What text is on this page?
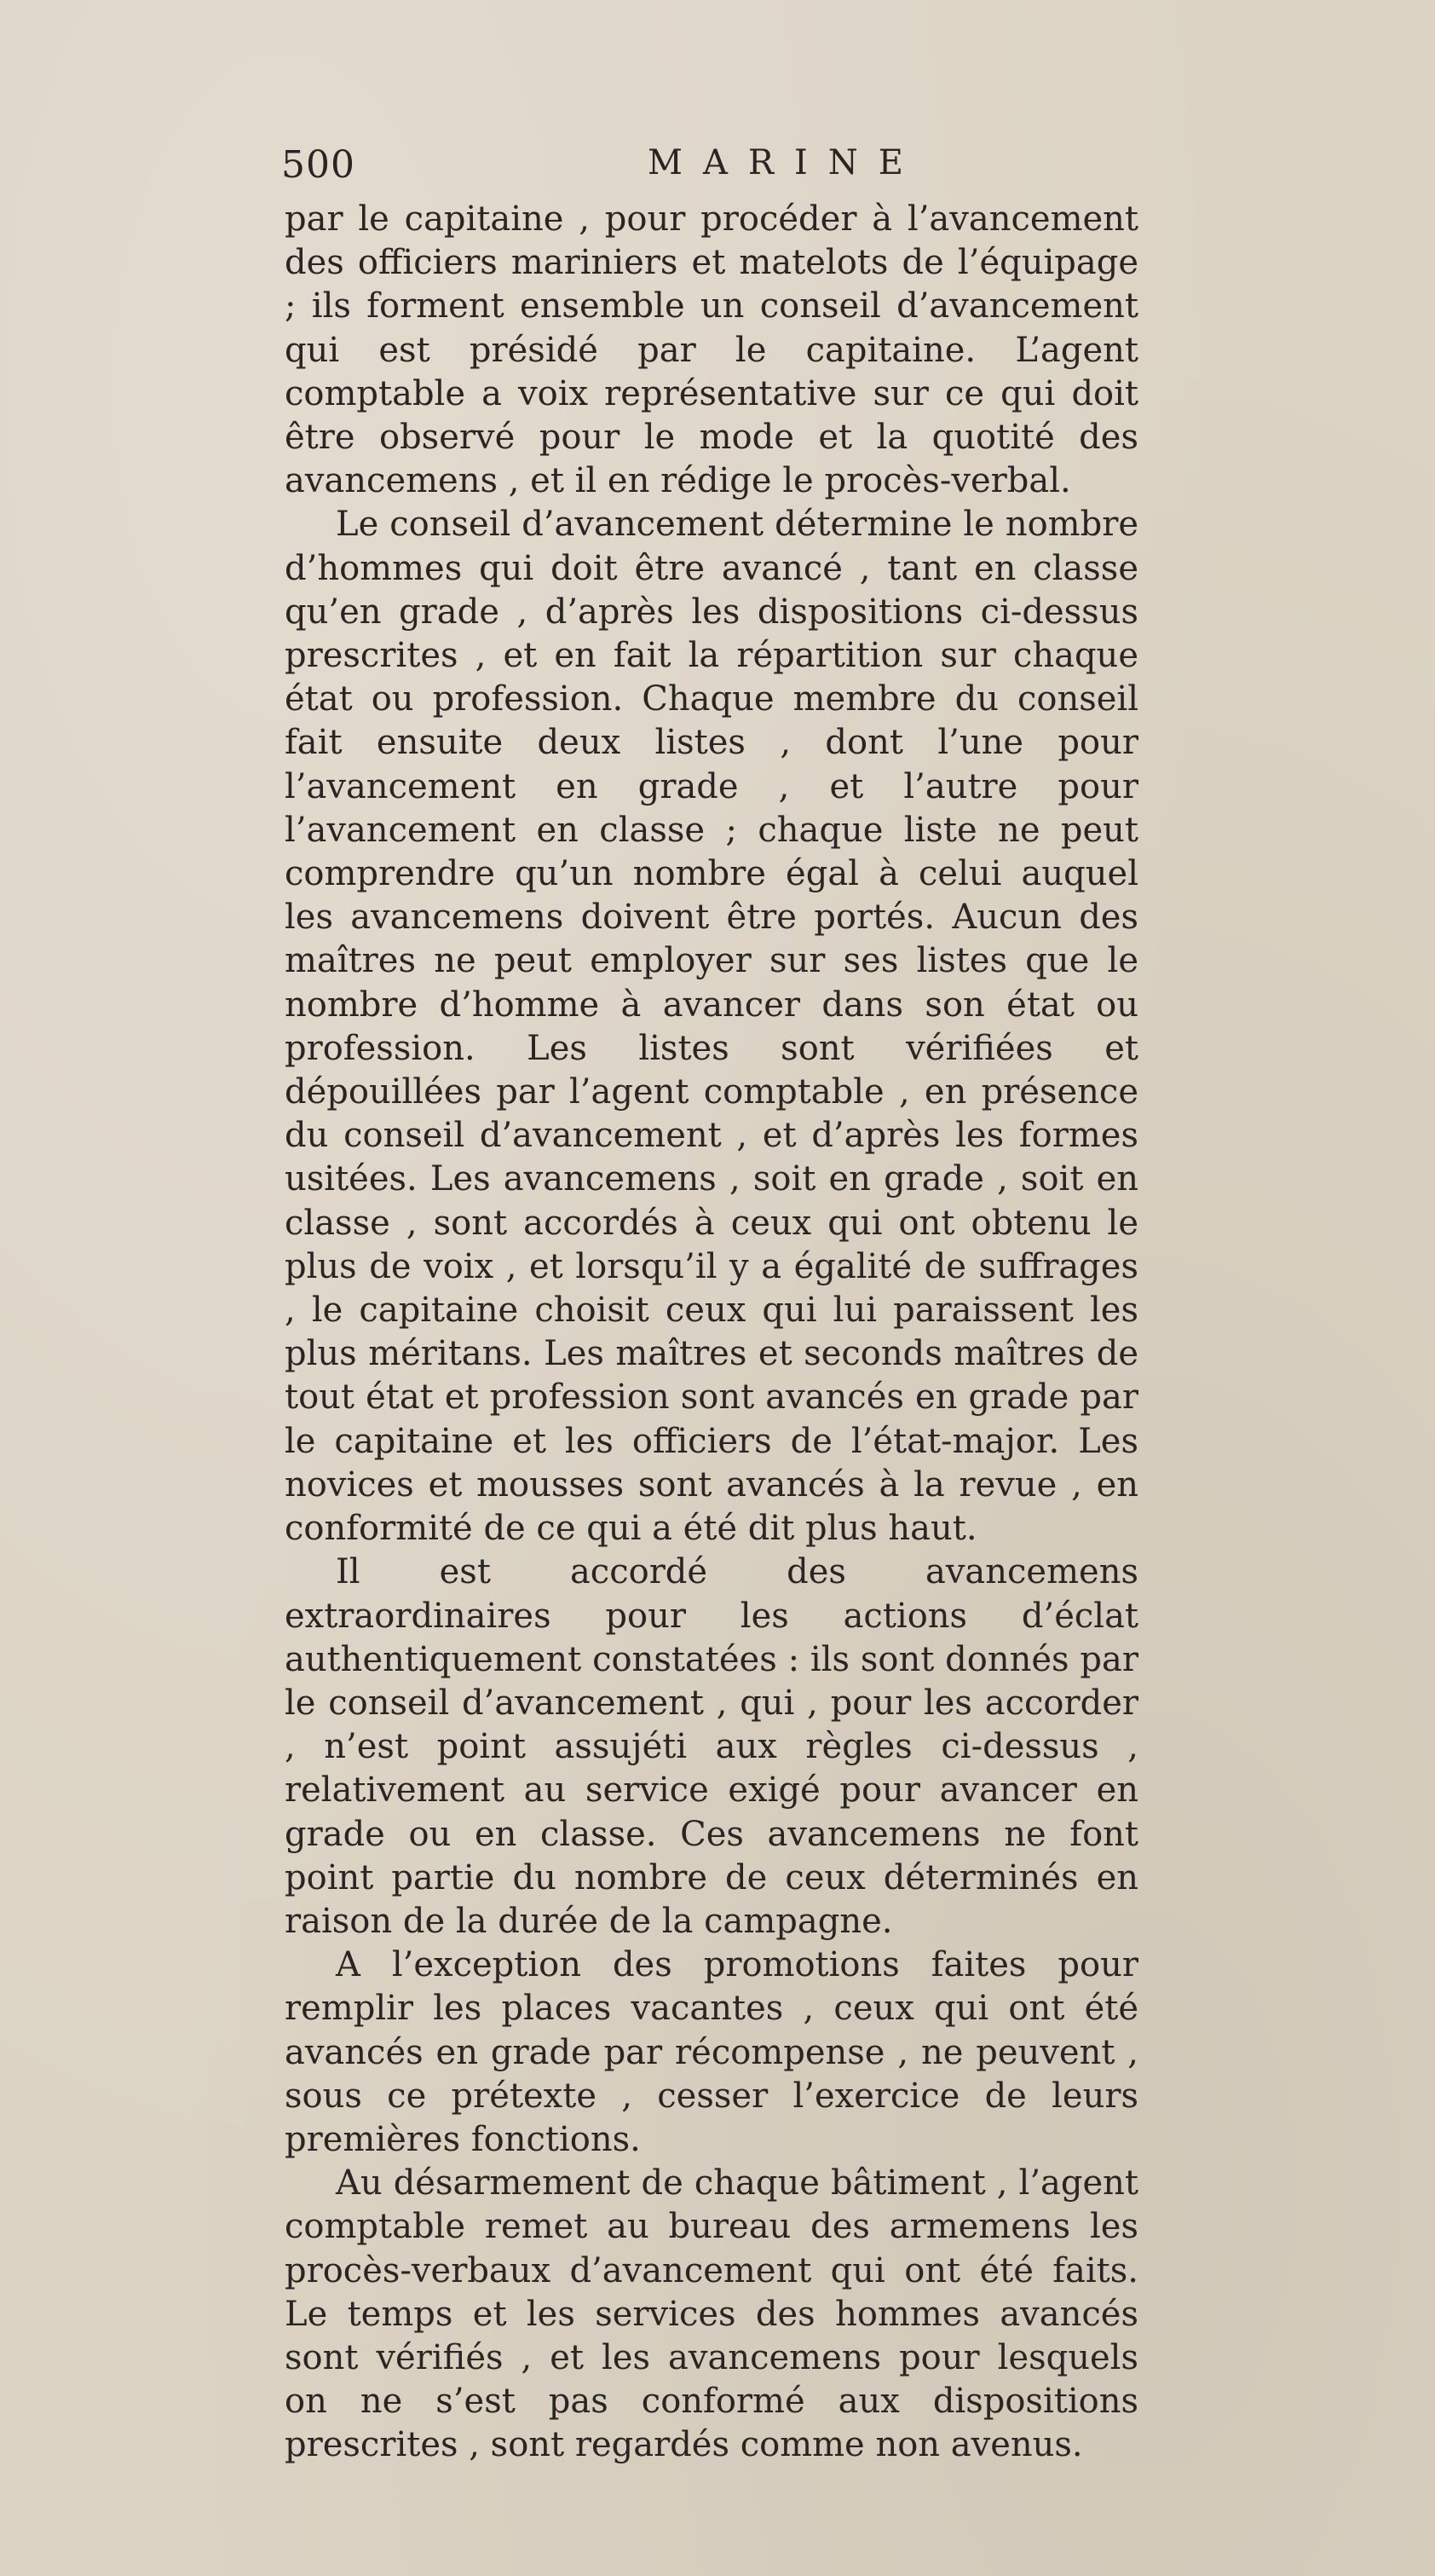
500	MARINE

par le capitaine , pour procéder à l’avancement des officiers mariniers et matelots de l’équipage ; ils forment ensemble un conseil d’avancement qui est présidé par le capitaine. L’agent comptable a voix représentative sur ce qui doit être observé pour le mode et la quotité des avancemens , et il en rédige le procès-verbal.

Le conseil d’avancement détermine le nombre d’hommes qui doit être avancé , tant en classe qu’en grade , d’après les dispositions ci-dessus prescrites , et en fait la répartition sur chaque état ou profession. Chaque membre du conseil fait ensuite deux listes , dont l’une pour l’avancement en grade , et l’autre pour l’avancement en classe ; chaque liste ne peut comprendre qu’un nombre égal à celui auquel les avancemens doivent être portés. Aucun des maîtres ne peut employer sur ses listes que le nombre d’homme à avancer dans son état ou profession. Les listes sont vérifiées et dépouillées par l’agent comptable , en présence du conseil d’avancement , et d’après les formes usitées. Les avancemens , soit en grade , soit en classe , sont accordés à ceux qui ont obtenu le plus de voix , et lorsqu’il y a égalité de suffrages , le capitaine choisit ceux qui lui paraissent les plus méritans. Les maîtres et seconds maîtres de tout état et profession sont avancés en grade par le capitaine et les officiers de l’état-major. Les novices et mousses sont avancés à la revue , en conformité de ce qui a été dit plus haut.

Il est accordé des avancemens extraordinaires pour les actions d’éclat authentiquement constatées : ils sont donnés par le conseil d’avancement , qui , pour les accorder , n’est point assujéti aux règles ci-dessus , relativement au service exigé pour avancer en grade ou en classe. Ces avancemens ne font point partie du nombre de ceux déterminés en raison de la durée de la campagne.

A l’exception des promotions faites pour remplir les places vacantes , ceux qui ont été avancés en grade par récompense , ne peuvent , sous ce prétexte , cesser l’exercice de leurs premières fonctions.

Au désarmement de chaque bâtiment , l’agent comptable remet au bureau des armemens les procès-verbaux d’avancement qui ont été faits. Le temps et les services des hommes avancés sont vérifiés , et les avancemens pour lesquels on ne s’est pas conformé aux dispositions prescrites , sont regardés comme non avenus.
